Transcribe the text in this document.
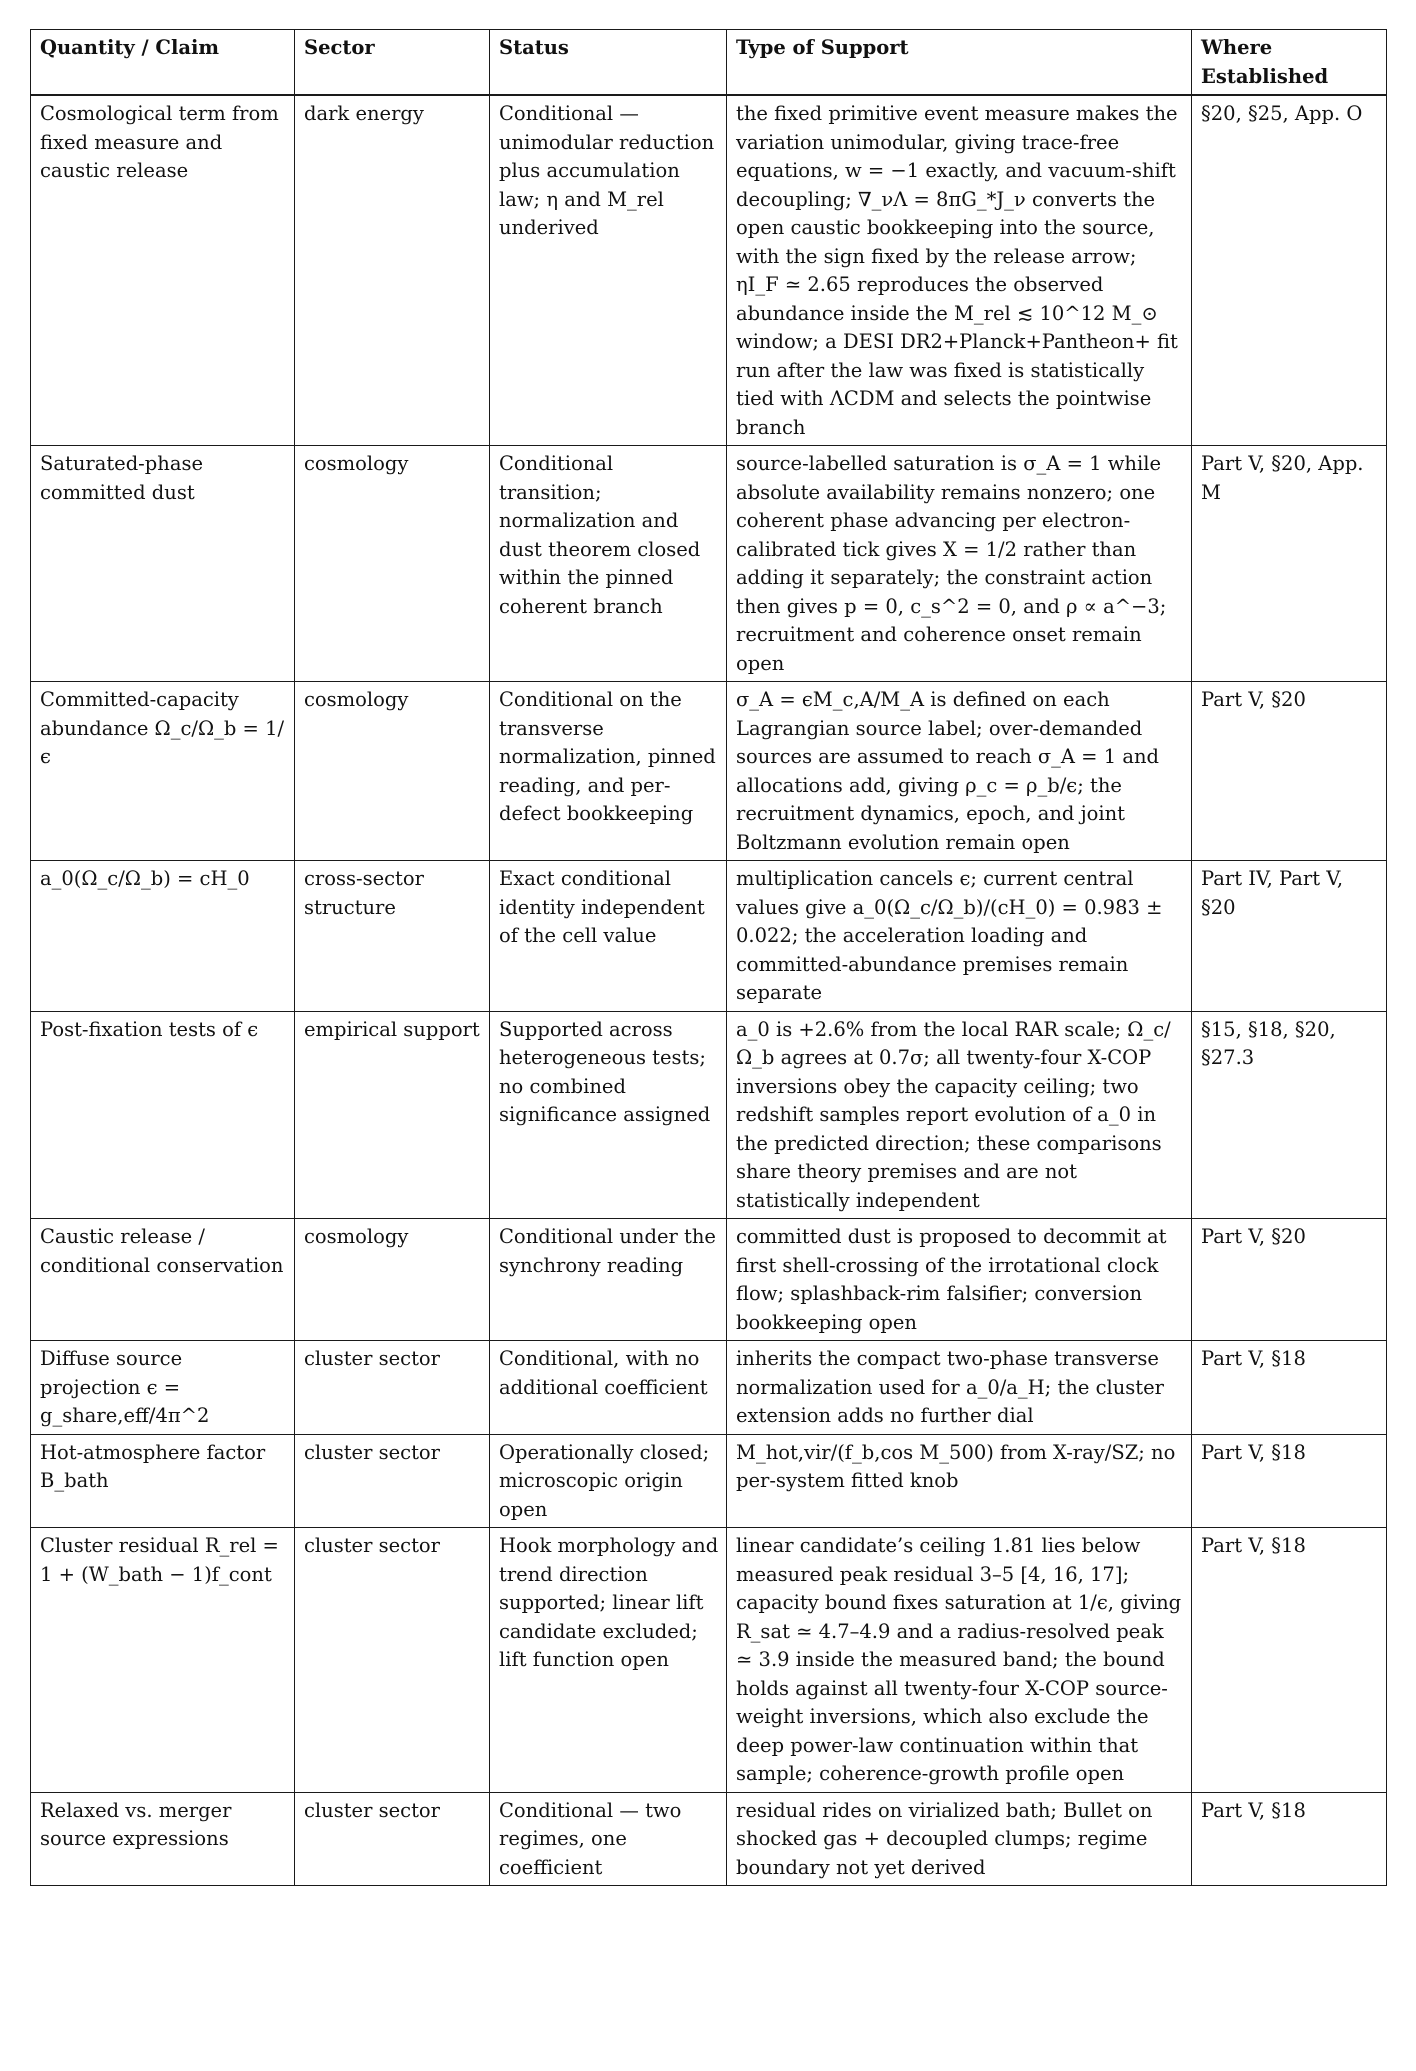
Quantity / Claim	Sector	Status	Type of Support	Where Established
Cosmological term from fixed measure and caustic release	dark energy	Conditional — unimodular reduction plus accumulation law; η and M_rel underived	the fixed primitive event measure makes the variation unimodular, giving trace-free equations, w = −1 exactly, and vacuum-shift decoupling; ∇_νΛ = 8πG_*J_ν converts the open caustic bookkeeping into the source, with the sign fixed by the release arrow; ηI_F ≃ 2.65 reproduces the observed abundance inside the M_rel ≲ 10^12 M_⊙ window; a DESI DR2+Planck+Pantheon+ fit run after the law was fixed is statistically tied with ΛCDM and selects the pointwise branch	§20, §25, App. O
Saturated-phase committed dust	cosmology	Conditional transition; normalization and dust theorem closed within the pinned coherent branch	source-labelled saturation is σ_A = 1 while absolute availability remains nonzero; one coherent phase advancing per electron-calibrated tick gives X = 1/2 rather than adding it separately; the constraint action then gives p = 0, c_s^2 = 0, and ρ ∝ a^−3; recruitment and coherence onset remain open	Part V, §20, App. M
Committed-capacity abundance Ω_c/Ω_b = 1/ϵ	cosmology	Conditional on the transverse normalization, pinned reading, and per-defect bookkeeping	σ_A = ϵM_c,A/M_A is defined on each Lagrangian source label; over-demanded sources are assumed to reach σ_A = 1 and allocations add, giving ρ_c = ρ_b/ϵ; the recruitment dynamics, epoch, and joint Boltzmann evolution remain open	Part V, §20
a_0(Ω_c/Ω_b) = cH_0	cross-sector structure	Exact conditional identity independent of the cell value	multiplication cancels ϵ; current central values give a_0(Ω_c/Ω_b)/(cH_0) = 0.983 ± 0.022; the acceleration loading and committed-abundance premises remain separate	Part IV, Part V, §20
Post-fixation tests of ϵ	empirical support	Supported across heterogeneous tests; no combined significance assigned	a_0 is +2.6% from the local RAR scale; Ω_c/Ω_b agrees at 0.7σ; all twenty-four X-COP inversions obey the capacity ceiling; two redshift samples report evolution of a_0 in the predicted direction; these comparisons share theory premises and are not statistically independent	§15, §18, §20, §27.3
Caustic release / conditional conservation	cosmology	Conditional under the synchrony reading	committed dust is proposed to decommit at first shell-crossing of the irrotational clock flow; splashback-rim falsifier; conversion bookkeeping open	Part V, §20
Diffuse source projection ϵ = g_share,eff/4π^2	cluster sector	Conditional, with no additional coefficient	inherits the compact two-phase transverse normalization used for a_0/a_H; the cluster extension adds no further dial	Part V, §18
Hot-atmosphere factor B_bath	cluster sector	Operationally closed; microscopic origin open	M_hot,vir/(f_b,cos M_500) from X-ray/SZ; no per-system fitted knob	Part V, §18
Cluster residual R_rel = 1 + (W_bath − 1)f_cont	cluster sector	Hook morphology and trend direction supported; linear lift candidate excluded; lift function open	linear candidate’s ceiling 1.81 lies below measured peak residual 3–5 [4, 16, 17]; capacity bound fixes saturation at 1/ϵ, giving R_sat ≃ 4.7–4.9 and a radius-resolved peak ≃ 3.9 inside the measured band; the bound holds against all twenty-four X-COP source-weight inversions, which also exclude the deep power-law continuation within that sample; coherence-growth profile open	Part V, §18
Relaxed vs. merger source expressions	cluster sector	Conditional — two regimes, one coefficient	residual rides on virialized bath; Bullet on shocked gas + decoupled clumps; regime boundary not yet derived	Part V, §18
